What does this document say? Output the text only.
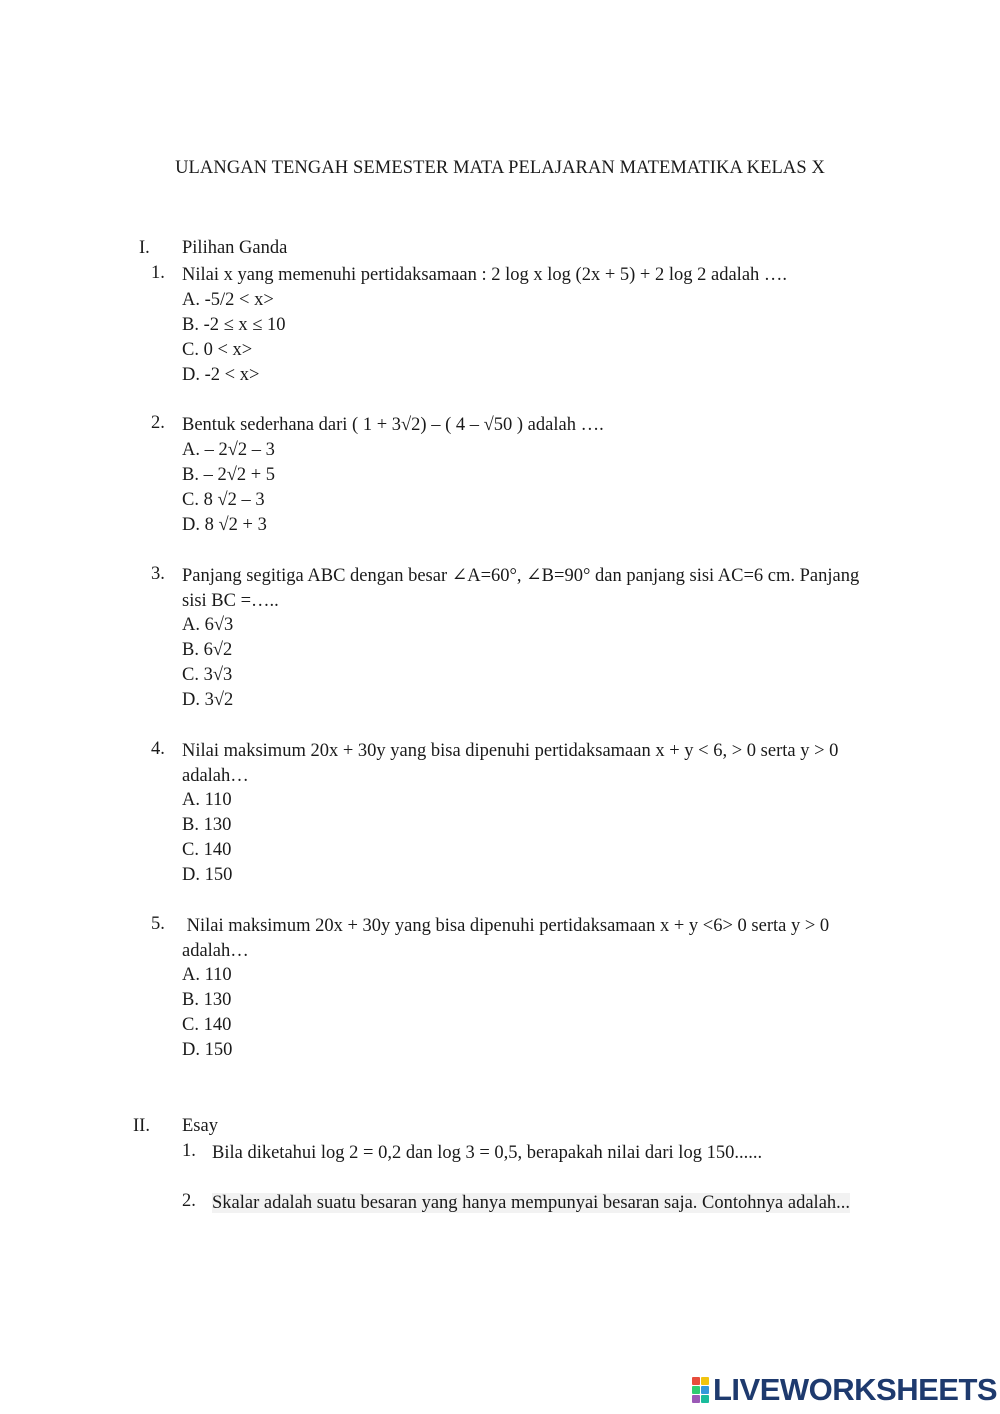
ULANGAN TENGAH SEMESTER MATA PELAJARAN MATEMATIKA KELAS X
I. Pilihan Ganda
1. Nilai x yang memenuhi pertidaksamaan : 2 log x log (2x + 5) + 2 log 2 adalah ….
A. -5/2 < x>
B. -2 ≤ x ≤ 10
C. 0 < x>
D. -2 < x>
2. Bentuk sederhana dari ( 1 + 3√2) – ( 4 – √50 ) adalah ….
A. – 2√2 – 3
B. – 2√2 + 5
C. 8 √2 – 3
D. 8 √2 + 3
3. Panjang segitiga ABC dengan besar ∠A=60°, ∠B=90° dan panjang sisi AC=6 cm. Panjang sisi BC =…..
A. 6√3
B. 6√2
C. 3√3
D. 3√2
4. Nilai maksimum 20x + 30y yang bisa dipenuhi pertidaksamaan x + y < 6, > 0 serta y > 0 adalah…
A. 110
B. 130
C. 140
D. 150
5. Nilai maksimum 20x + 30y yang bisa dipenuhi pertidaksamaan x + y <6> 0 serta y > 0 adalah…
A. 110
B. 130
C. 140
D. 150
II. Esay
1. Bila diketahui log 2 = 0,2 dan log 3 = 0,5, berapakah nilai dari log 150......
2. Skalar adalah suatu besaran yang hanya mempunyai besaran saja. Contohnya adalah...
LIVEWORKSHEETS
